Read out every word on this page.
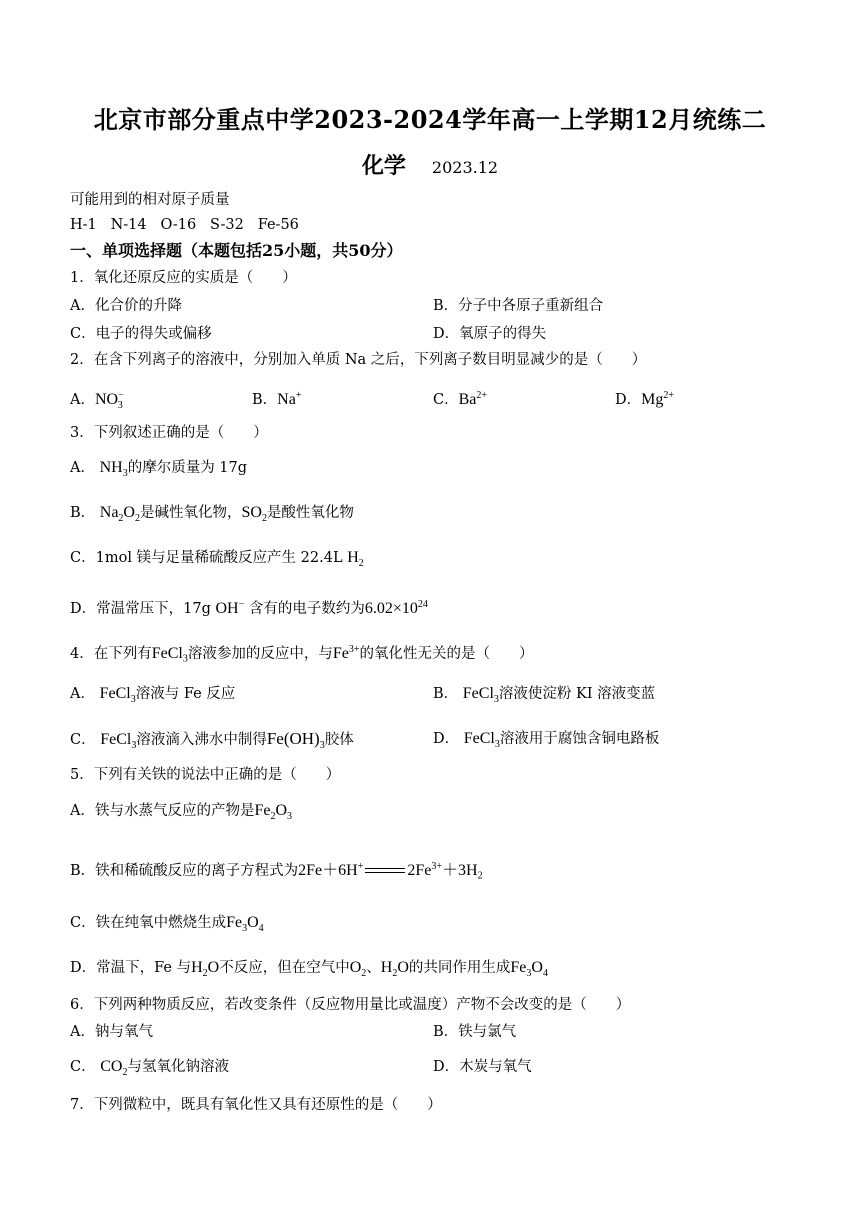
北京市部分重点中学2023-2024学年高一上学期12月统练二
化学 2023.12
可能用到的相对原子质量
H-1   N-14   O-16   S-32   Fe-56
一、单项选择题（本题包括25小题，共50分）
1．氧化还原反应的实质是（　　）
A．化合价的升降	B．分子中各原子重新组合
C．电子的得失或偏移	D．氧原子的得失
2．在含下列离子的溶液中，分别加入单质 Na 之后，下列离子数目明显减少的是（　　）
A．$NO^-_3$	B．Na+	C．$Ba^{2+}$	D．$Mg^{2+}$
3．下列叙述正确的是（　　）
A． $NH_3$的摩尔质量为 17g
B． $Na_2O_2$是碱性氧化物，$SO_2$是酸性氧化物
C．1mol 镁与足量稀硫酸反应产生 22.4L $H_2$
D．常温常压下，17g OH− 含有的电子数约为$6.02\times 10^{24}$
4．在下列有FeCl$_3$溶液参加的反应中，与$Fe^{3+}$的氧化性无关的是（　　）
A． FeCl$_3$溶液与 Fe 反应	B． FeCl$_3$溶液使淀粉 KI 溶液变蓝
C． FeCl$_3$溶液滴入沸水中制得$Fe(OH)_3$胶体	D． FeCl$_3$溶液用于腐蚀含铜电路板
5．下列有关铁的说法中正确的是（　　）
A．铁与水蒸气反应的产物是$Fe_2O_3$
B．铁和稀硫酸反应的离子方程式为2Fe＋6H+	$2Fe^{3+}+3H_2$
C．铁在纯氧中燃烧生成$Fe_3O_4$
D．常温下，Fe 与$H_2O$不反应，但在空气中$O_2$、$H_2O$的共同作用生成$Fe_3O_4$
6．下列两种物质反应，若改变条件（反应物用量比或温度）产物不会改变的是（　　）
A．钠与氧气	B．铁与氯气
C． $CO_2$与氢氧化钠溶液	D．木炭与氧气
7．下列微粒中，既具有氧化性又具有还原性的是（　　）
